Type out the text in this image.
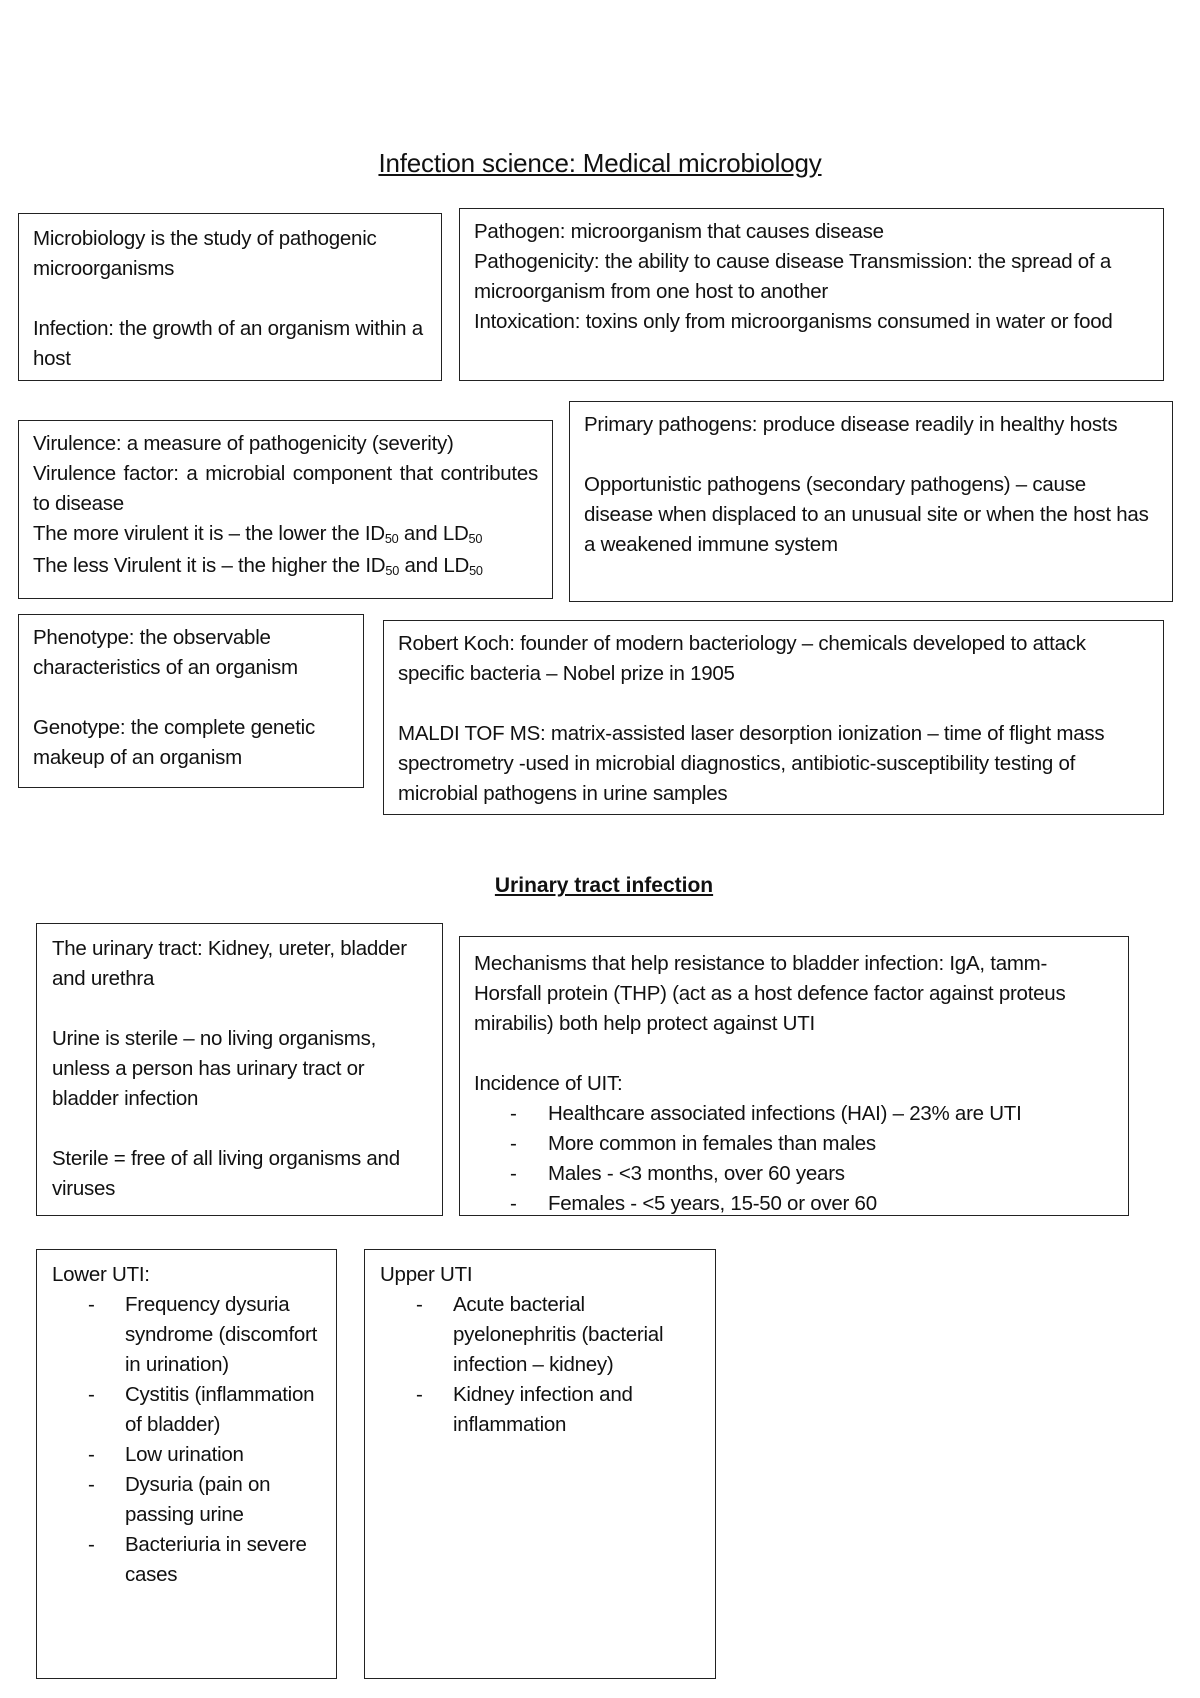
Infection science: Medical microbiology

Microbiology is the study of pathogenic microorganisms

Infection: the growth of an organism within a host

Pathogen: microorganism that causes disease

Pathogenicity: the ability to cause disease Transmission: the spread of a microorganism from one host to another

Intoxication: toxins only from microorganisms consumed in water or food

Virulence: a measure of pathogenicity (severity)

Virulence factor: a microbial component that contributes to disease

The more virulent it is – the lower the $ID_{50}$ and $LD_{50}$

The less Virulent it is – the higher the $ID_{50}$ and $LD_{50}$

Primary pathogens: produce disease readily in healthy hosts

Opportunistic pathogens (secondary pathogens) – cause disease when displaced to an unusual site or when the host has a weakened immune system

Phenotype: the observable characteristics of an organism

Genotype: the complete genetic makeup of an organism

Robert Koch: founder of modern bacteriology – chemicals developed to attack specific bacteria – Nobel prize in 1905

MALDI TOF MS: matrix-assisted laser desorption ionization – time of flight mass spectrometry -used in microbial diagnostics, antibiotic-susceptibility testing of microbial pathogens in urine samples

Urinary tract infection

The urinary tract: Kidney, ureter, bladder and urethra

Urine is sterile – no living organisms, unless a person has urinary tract or bladder infection

Sterile = free of all living organisms and viruses

Mechanisms that help resistance to bladder infection: IgA, tamm-Horsfall protein (THP) (act as a host defence factor against proteus mirabilis) both help protect against UTI

Incidence of UIT:

- Healthcare associated infections (HAI) – 23% are UTI
- More common in females than males
- Males - <3 months, over 60 years
- Females - <5 years, 15-50 or over 60

Lower UTI:

- Frequency dysuria syndrome (discomfort in urination)
- Cystitis (inflammation of bladder)
- Low urination
- Dysuria (pain on passing urine
- Bacteriuria in severe cases

Upper UTI

- Acute bacterial pyelonephritis (bacterial infection – kidney)
- Kidney infection and inflammation
